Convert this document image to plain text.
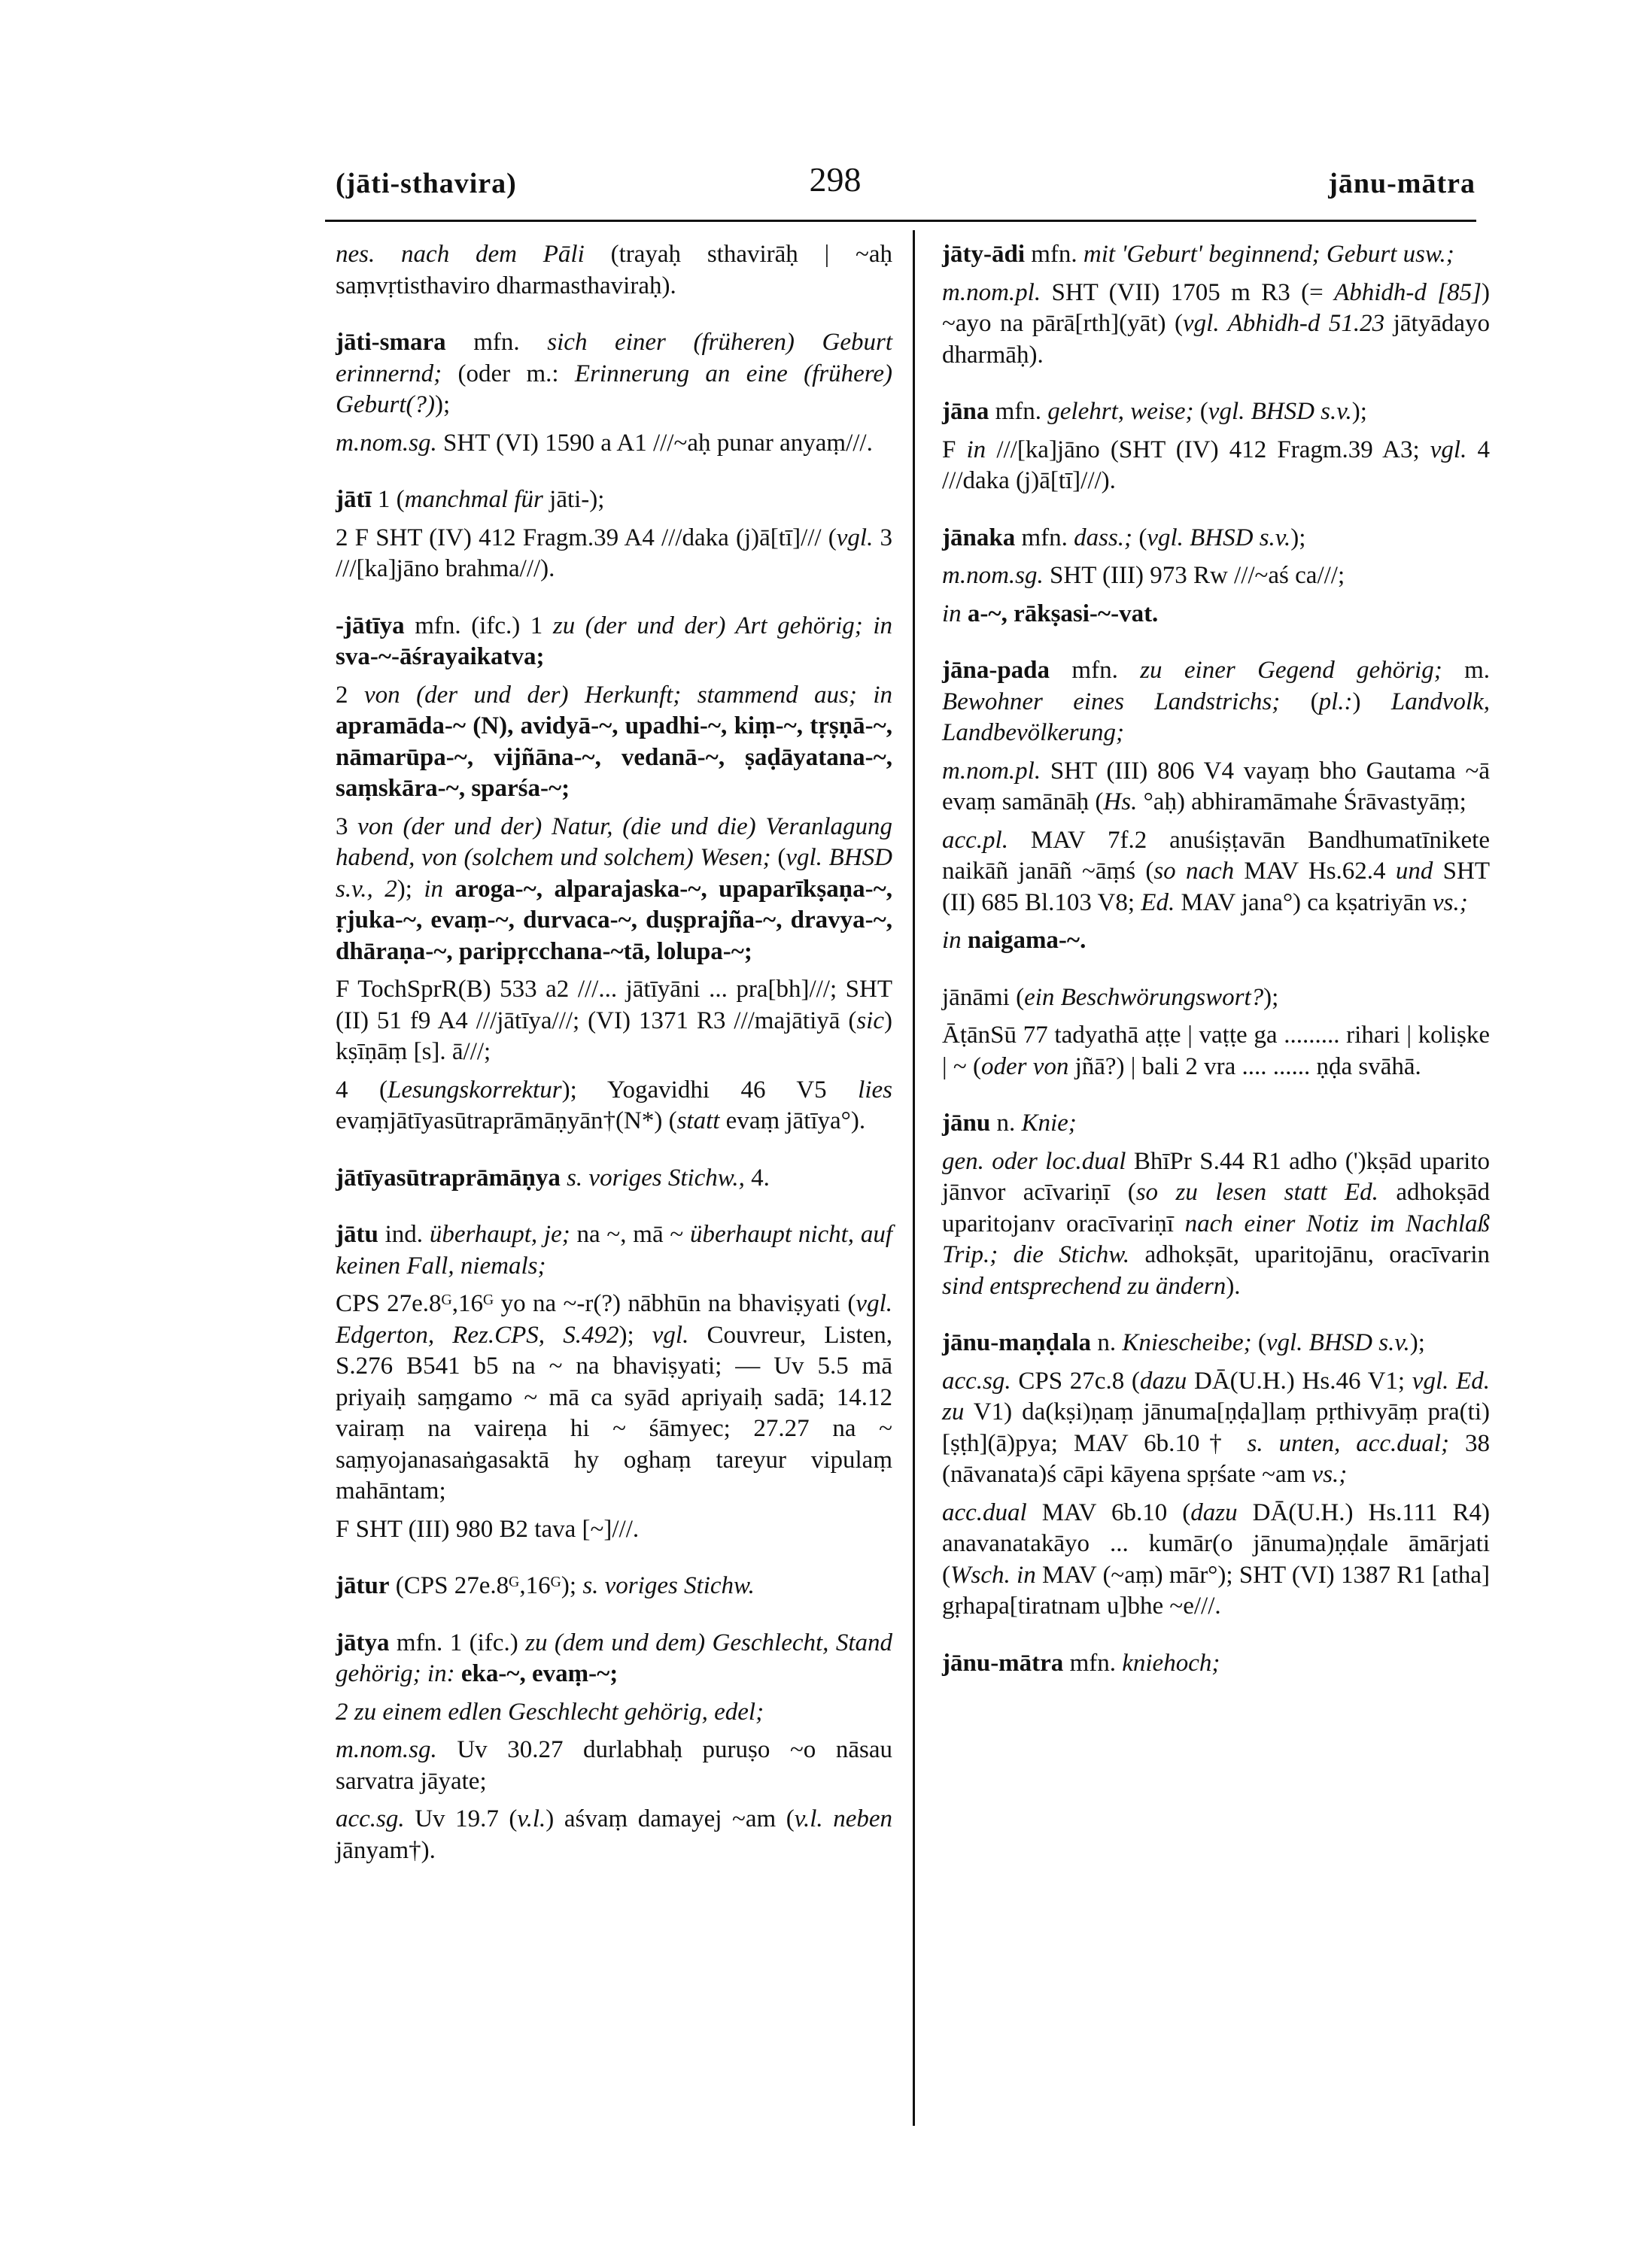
(jāti-sthavira)	298	jānu-mātra

nes. nach dem Pāli (trayaḥ sthavirāḥ | ~aḥ saṃvṛtisthaviro dharmasthaviraḥ).

jāti-smara mfn. sich einer (früheren) Geburt erinnernd; (oder m.: Erinnerung an eine (frühere) Geburt(?));

m.nom.sg. SHT (VI) 1590 a A1 ///~aḥ punar anyaṃ///.

jātī 1 (manchmal für jāti-);

2 F SHT (IV) 412 Fragm.39 A4 ///daka (j)ā[tī]/// (vgl. 3 ///[ka]jāno brahma///).

-jātīya mfn. (ifc.) 1 zu (der und der) Art gehörig; in sva-~-āśrayaikatva;

2 von (der und der) Herkunft; stammend aus; in apramāda-~ (N), avidyā-~, upadhi-~, kiṃ-~, tṛṣṇā-~, nāmarūpa-~, vijñāna-~, vedanā-~, ṣaḍāyatana-~, saṃskāra-~, sparśa-~;

3 von (der und der) Natur, (die und die) Veranlagung habend, von (solchem und solchem) Wesen; (vgl. BHSD s.v., 2); in aroga-~, alparajaska-~, upaparīkṣaṇa-~, ṛjuka-~, evaṃ-~, durvaca-~, duṣprajña-~, dravya-~, dhāraṇa-~, paripṛcchana-~tā, lolupa-~;

F TochSprR(B) 533 a2 ///... jātīyāni ... pra[bh]///; SHT (II) 51 f9 A4 ///jātīya///; (VI) 1371 R3 ///majātiyā (sic) kṣīṇāṃ [s]. ā///;

4 (Lesungskorrektur); Yogavidhi 46 V5 lies evaṃjātīyasūtraprāmāṇyān†(N*) (statt evaṃ jātīya°).

jātīyasūtraprāmāṇya s. voriges Stichw., 4.

jātu ind. überhaupt, je; na ~, mā ~ überhaupt nicht, auf keinen Fall, niemals;

CPS 27e.8ᴳ,16ᴳ yo na ~-r(?) nābhūn na bhaviṣyati (vgl. Edgerton, Rez.CPS, S.492); vgl. Couvreur, Listen, S.276 B541 b5 na ~ na bhaviṣyati; — Uv 5.5 mā priyaiḥ saṃgamo ~ mā ca syād apriyaiḥ sadā; 14.12 vairaṃ na vaireṇa hi ~ śāmyec; 27.27 na ~ saṃyojanasaṅgasaktā hy oghaṃ tareyur vipulaṃ mahāntam;

F SHT (III) 980 B2 tava [~]///.

jātur (CPS 27e.8ᴳ,16ᴳ); s. voriges Stichw.

jātya mfn. 1 (ifc.) zu (dem und dem) Geschlecht, Stand gehörig; in: eka-~, evaṃ-~;

2 zu einem edlen Geschlecht gehörig, edel;

m.nom.sg. Uv 30.27 durlabhaḥ puruṣo ~o nāsau sarvatra jāyate;

acc.sg. Uv 19.7 (v.l.) aśvaṃ damayej ~am (v.l. neben jānyam†).

jāty-ādi mfn. mit 'Geburt' beginnend; Geburt usw.;

m.nom.pl. SHT (VII) 1705 m R3 (= Abhidh-d [85]) ~ayo na pārā[rth](yāt) (vgl. Abhidh-d 51.23 jātyādayo dharmāḥ).

jāna mfn. gelehrt, weise; (vgl. BHSD s.v.);

F in ///[ka]jāno (SHT (IV) 412 Fragm.39 A3; vgl. 4 ///daka (j)ā[tī]///).

jānaka mfn. dass.; (vgl. BHSD s.v.);

m.nom.sg. SHT (III) 973 Rw ///~aś ca///;

in a-~, rākṣasi-~-vat.

jāna-pada mfn. zu einer Gegend gehörig; m. Bewohner eines Landstrichs; (pl.:) Landvolk, Landbevölkerung;

m.nom.pl. SHT (III) 806 V4 vayaṃ bho Gautama ~ā evaṃ samānāḥ (Hs. °aḥ) abhiramāmahe Śrāvastyāṃ;

acc.pl. MAV 7f.2 anuśiṣṭavān Bandhumatīnikete naikāñ janāñ ~āṃś (so nach MAV Hs.62.4 und SHT (II) 685 Bl.103 V8; Ed. MAV jana°) ca kṣatriyān vs.;

in naigama-~.

jānāmi (ein Beschwörungswort?);

ĀṭānSū 77 tadyathā aṭṭe | vaṭṭe ga ......... rihari | koliṣke | ~ (oder von jñā?) | bali 2 vra .... ...... ṇḍa svāhā.

jānu n. Knie;

gen. oder loc.dual BhīPr S.44 R1 adho (')kṣād uparito jānvor acīvariṇī (so zu lesen statt Ed. adhokṣād uparitojanv oracīvariṇī nach einer Notiz im Nachlaß Trip.; die Stichw. adhokṣāt, uparitojānu, oracīvarin sind entsprechend zu ändern).

jānu-maṇḍala n. Kniescheibe; (vgl. BHSD s.v.);

acc.sg. CPS 27c.8 (dazu DĀ(U.H.) Hs.46 V1; vgl. Ed. zu V1) da(kṣi)ṇaṃ jānuma[ṇḍa]laṃ pṛthivyāṃ pra(ti)[ṣṭh](ā)pya; MAV 6b.10† s. unten, acc.dual; 38 (nāvanata)ś cāpi kāyena spṛśate ~am vs.;

acc.dual MAV 6b.10 (dazu DĀ(U.H.) Hs.111 R4) anavanatakāyo ... kumār(o jānuma)ṇḍale āmārjati (Wsch. in MAV (~aṃ) mār°); SHT (VI) 1387 R1 [atha] gṛhapa[tiratnam u]bhe ~e///.

jānu-mātra mfn. kniehoch;
